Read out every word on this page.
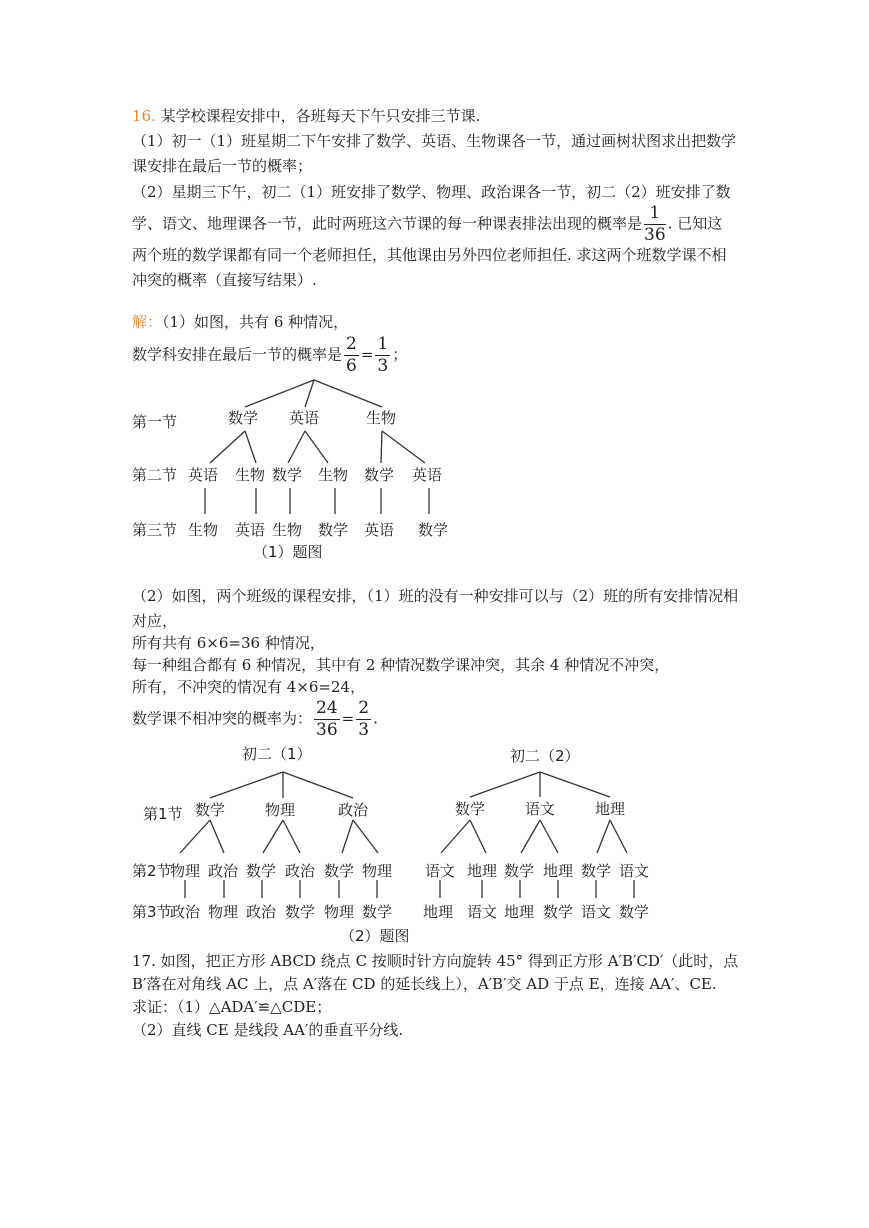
16. 某学校课程安排中，各班每天下午只安排三节课.
（1）初一（1）班星期二下午安排了数学、英语、生物课各一节，通过画树状图求出把数学
课安排在最后一节的概率；
（2）星期三下午，初二（1）班安排了数学、物理、政治课各一节，初二（2）班安排了数
学、语文、地理课各一节，此时两班这六节课的每一种课表排法出现的概率是 $\frac{1}{36}$ . 已知这
两个班的数学课都有同一个老师担任，其他课由另外四位老师担任. 求这两个班数学课不相
冲突的概率（直接写结果）.
解：（1）如图，共有 6 种情况，
数学科安排在最后一节的概率是 $\frac{2}{6} = \frac{1}{3}$ ；
第一节
第二节
第三节
数学 英语	生物
英语 生物 数学 生物 数学 英语
生物 英语 生物 数学 英语 数学
（1）题图
（2）如图，两个班级的课程安排，（1）班的没有一种安排可以与（2）班的所有安排情况相
对应，
所有共有 6×6=36 种情况，
每一种组合都有 6 种情况，其中有 2 种情况数学课冲突，其余 4 种情况不冲突，
所有，不冲突的情况有 4×6=24，
数学课不相冲突的概率为： $\frac{24}{36} = \frac{2}{3}$ .
初二（1）	初二（2）
第1节
第2节
第3节
数学	物理	政治
物理 政治 数学 政治 数学 物理
政治 物理 政治 数学 物理 数学
数学	语文	地理
语文 地理 数学 地理 数学 语文
地理 语文 地理 数学 语文 数学
（2）题图
17. 如图，把正方形 ABCD 绕点 C 按顺时针方向旋转 45° 得到正方形 A′B′CD′（此时，点
B′落在对角线 AC 上，点 A′落在 CD 的延长线上），A′B′交 AD 于点 E，连接 AA′、CE.
求证：（1）△ADA′≌△CDE；
（2）直线 CE 是线段 AA′的垂直平分线.
